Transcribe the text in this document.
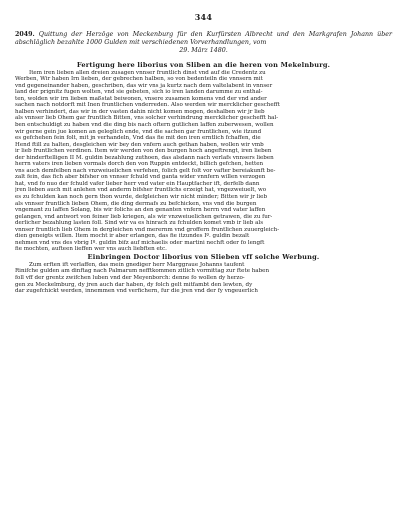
344

2049. Quittung der Herzöge von Meckenburg für den Kurfürsten Albrecht und den Markgrafen Johann über abschläglich bezahlte 1000 Gulden mit verschiedenen Vorverhandlungen, vom

29. März 1480.

Fertigung here liborius von Sliben an die heren von Mekelnburg.
Item iren lieben allen dreien zusagen vnnser fruntlich dinst vnd auf die Credentz zu
Werben, Wir haben Irn lieben, der gebrechen halben, so von bedenteiln die vnnsern mit
vnd gegeneinander haben, geschriben, das wir vns ja kurtz nach dem valtelabent in vnnser
land der prignitz fugen wolten, vnd sie gebeten, sich io iren landen darumme zu enthal-
ten, wolden wir irn lieben maßstat beiwonen, vnsere zusamen komens vnd der vnd ander
sachen nach notdorft mit Inen fruntlichen vnderreden. Also werden wir mercklicher geschefft
halben verhindert, das wir in der vasten dahin nicht komen mogen, deshalben wir jr lieb
als vnnser lieb Ohem gar fruntlich Bitten, vns solcher verhindrung mercklicher geschefft hal-
ben entschuldigt zu haben vnd die ding bis nach oftern gutlichen laffen zuberwesen, wollen
wir gerne gein jue komen an geleglich ende, vnd die sachen gar fruntlichen, wie itzund
es gefchehen fein folt, mit jn verhandeln, Vnd das fie mit den iren erntlich fchaffen, die
Hend ftill zu halten, desgleichen wir bey den vnfern auch gethan haben, wollen wir vmb
ir lieb fruntlichen verdinen. Item wir werden von den burgen hoch angeftrengt, iren lieben
der hinderftelligen II M. guldin bezahlung zuthoen, das alsdann nach verlafs vnnsers lieben
herrn vaters iren lieben vormals dorch den von Ruppin entdeckt, billich gefchen, hetten
vns auch demfelben nach vnzweiuelichen verfehen, folich gelt folt vor vafter bereiakunft be-
zalt fein, das fich aber bifsher on vnnser fchuld vnd ganta wider vnnfern willen verzogen
hat, vnd fo nuo der fchuld vafer lieber herr vnd vater ein Hauptfacher ift, derfelb dann
jren lieben auch mit anlehen vnd anderm bifsher fruntlichs erzeigt hat, vngezweiuelt, wo
es zu fchulden kan noch gern thon wurde, defgleichen wir nicht minder; Bitten wir jr lieb
als vnnser fruntlich lieben Ohem, die ding dermafs zu befchicken, vns vnd die burgen
vngemant zu laffen Solang, bis wir folichs an den genanten vnfern herrn vnd vater laffen
gelangen, vnd antwort von feiner lieb kriegen, als wir vnzweiuelichen getrawen, die zu fur-
derlicher bezahlung lasten foll. Sind wir va es hinrach zu fchulden komet vmb ir lieb als
vnnser fruntlich lieb Ohem in dergleichen vnd merernm vnd groffern fruntlichen zuuergleich-
dien geneigts willen. Item mocht ir aber erlangen, das fie itzundes Iº. guldin bezalt
nehmen vnd vns des vbrig Iº. guldin bifz auf michaelis oder martini nechft oder fo lengft
fie mochten, aufteen lieffen wer vns auch liebften etc.
Einbringen Doctor liborius von Slieben vff solche Werbung.
Zum erften ift verlaffen, das mein gnediger herr Marggraue Johanns taufent
Rinifche gulden am dinftag nach Palmarum nefftkommen zitlich vormittag zur ftete haben
foll vff der grentz zwifchen luben vnd der Meyenborch: denne fo wollen dy herzo-
gen zu Meckelmburg, dy jren auch dar haben, dy folch gelt mitfambt den lewten, dy
dar zugefchickt werden, innemmen vnd verfichern, fur die jren vnd der fy vngeuerlich
